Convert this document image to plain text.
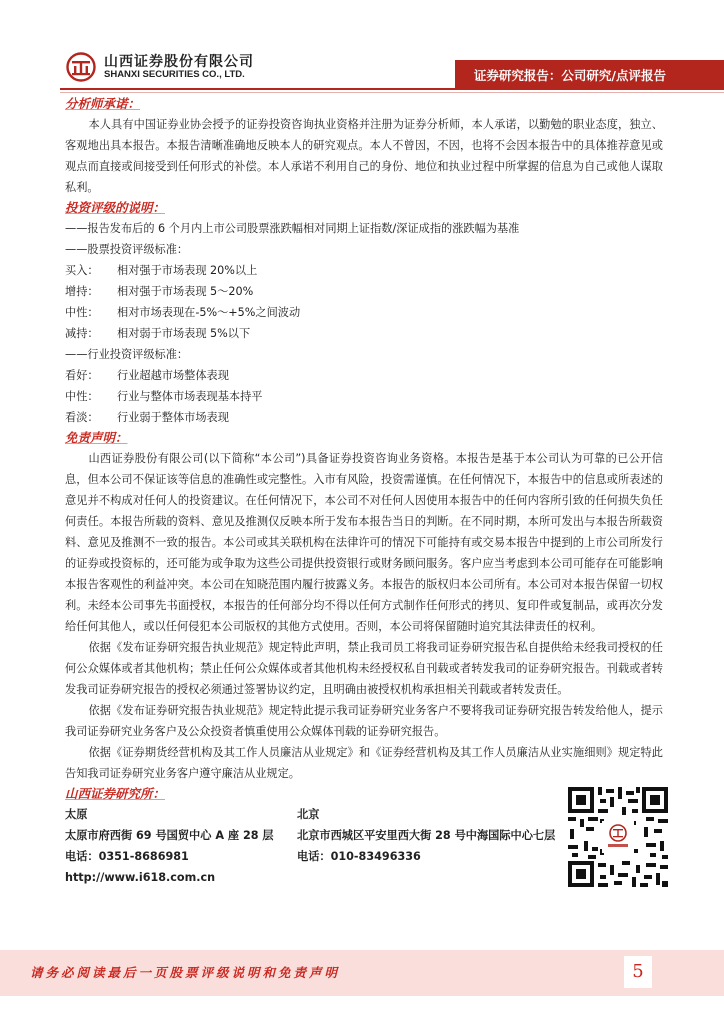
山西证券股份有限公司
SHANXI SECURITIES CO., LTD.	证券研究报告：公司研究/点评报告
分析师承诺：

本人具有中国证券业协会授予的证券投资咨询执业资格并注册为证券分析师，本人承诺，以勤勉的职业态度，独立、客观地出具本报告。本报告清晰准确地反映本人的研究观点。本人不曾因，不因，也将不会因本报告中的具体推荐意见或观点而直接或间接受到任何形式的补偿。本人承诺不利用自己的身份、地位和执业过程中所掌握的信息为自己或他人谋取私利。

投资评级的说明：

——报告发布后的 6 个月内上市公司股票涨跌幅相对同期上证指数/深证成指的涨跌幅为基准

——股票投资评级标准：

买入：	相对强于市场表现 20%以上
增持：	相对强于市场表现 5～20%
中性：	相对市场表现在-5%～+5%之间波动
减持：	相对弱于市场表现 5%以下

——行业投资评级标准：

看好：	行业超越市场整体表现
中性：	行业与整体市场表现基本持平
看淡：	行业弱于整体市场表现
免责声明：

山西证券股份有限公司(以下简称“本公司”)具备证券投资咨询业务资格。本报告是基于本公司认为可靠的已公开信息，但本公司不保证该等信息的准确性或完整性。入市有风险，投资需谨慎。在任何情况下，本报告中的信息或所表述的意见并不构成对任何人的投资建议。在任何情况下，本公司不对任何人因使用本报告中的任何内容所引致的任何损失负任何责任。本报告所载的资料、意见及推测仅反映本所于发布本报告当日的判断。在不同时期，本所可发出与本报告所载资料、意见及推测不一致的报告。本公司或其关联机构在法律许可的情况下可能持有或交易本报告中提到的上市公司所发行的证券或投资标的，还可能为或争取为这些公司提供投资银行或财务顾问服务。客户应当考虑到本公司可能存在可能影响本报告客观性的利益冲突。本公司在知晓范围内履行披露义务。本报告的版权归本公司所有。本公司对本报告保留一切权利。未经本公司事先书面授权，本报告的任何部分均不得以任何方式制作任何形式的拷贝、复印件或复制品，或再次分发给任何其他人，或以任何侵犯本公司版权的其他方式使用。否则，本公司将保留随时追究其法律责任的权利。

依据《发布证券研究报告执业规范》规定特此声明，禁止我司员工将我司证券研究报告私自提供给未经我司授权的任何公众媒体或者其他机构；禁止任何公众媒体或者其他机构未经授权私自刊载或者转发我司的证券研究报告。刊载或者转发我司证券研究报告的授权必须通过签署协议约定，且明确由被授权机构承担相关刊载或者转发责任。

依据《发布证券研究报告执业规范》规定特此提示我司证券研究业务客户不要将我司证券研究报告转发给他人，提示我司证券研究业务客户及公众投资者慎重使用公众媒体刊载的证券研究报告。

依据《证券期货经营机构及其工作人员廉洁从业规定》和《证券经营机构及其工作人员廉洁从业实施细则》规定特此告知我司证券研究业务客户遵守廉洁从业规定。

山西证券研究所：
太原
太原市府西街 69 号国贸中心 A 座 28 层
电话：0351-8686981
http://www.i618.com.cn
北京
北京市西城区平安里西大街 28 号中海国际中心七层
电话：010-83496336
请务必阅读最后一页股票评级说明和免责声明	5
